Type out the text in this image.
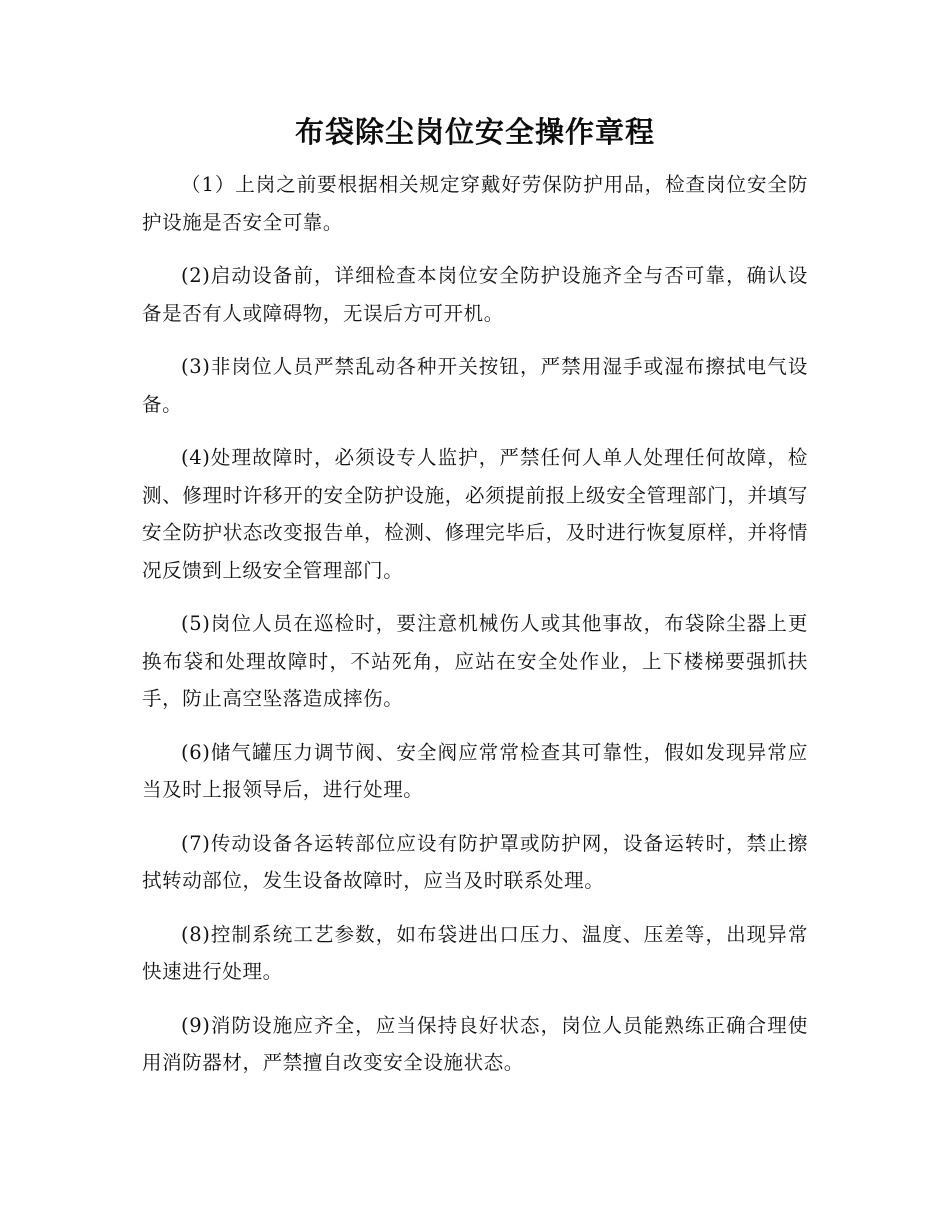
布袋除尘岗位安全操作章程

（1）上岗之前要根据相关规定穿戴好劳保防护用品，检查岗位安全防护设施是否安全可靠。

(2)启动设备前，详细检查本岗位安全防护设施齐全与否可靠，确认设备是否有人或障碍物，无误后方可开机。

(3)非岗位人员严禁乱动各种开关按钮，严禁用湿手或湿布擦拭电气设备。

(4)处理故障时，必须设专人监护，严禁任何人单人处理任何故障，检测、修理时许移开的安全防护设施，必须提前报上级安全管理部门，并填写安全防护状态改变报告单，检测、修理完毕后，及时进行恢复原样，并将情况反馈到上级安全管理部门。

(5)岗位人员在巡检时，要注意机械伤人或其他事故，布袋除尘器上更换布袋和处理故障时，不站死角，应站在安全处作业，上下楼梯要强抓扶手，防止高空坠落造成摔伤。

(6)储气罐压力调节阀、安全阀应常常检查其可靠性，假如发现异常应当及时上报领导后，进行处理。

(7)传动设备各运转部位应设有防护罩或防护网，设备运转时，禁止擦拭转动部位，发生设备故障时，应当及时联系处理。

(8)控制系统工艺参数，如布袋进出口压力、温度、压差等，出现异常快速进行处理。

(9)消防设施应齐全，应当保持良好状态，岗位人员能熟练正确合理使用消防器材，严禁擅自改变安全设施状态。
